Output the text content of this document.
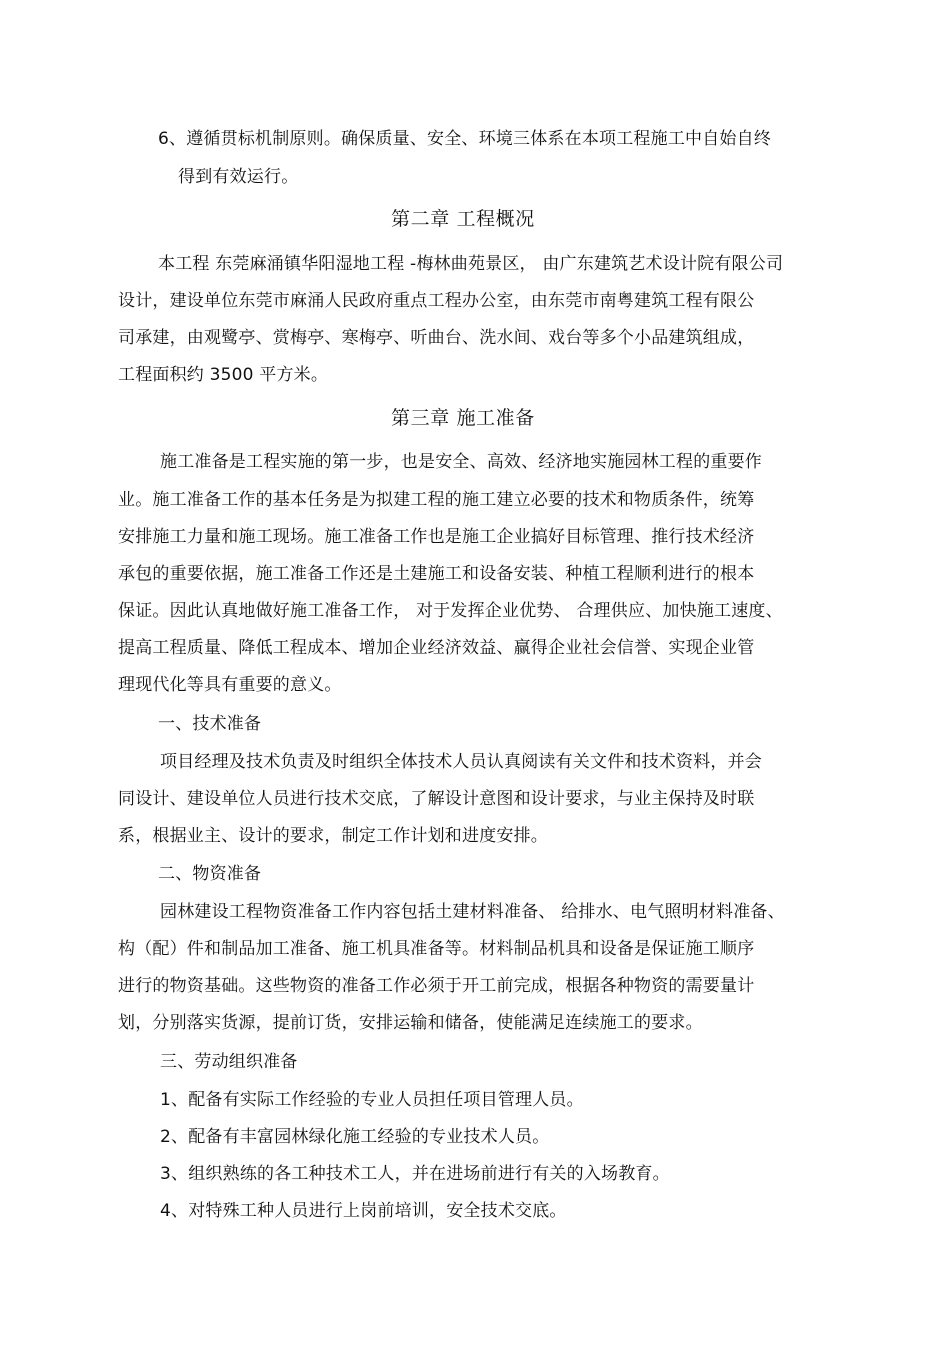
6、遵循贯标机制原则。确保质量、安全、环境三体系在本项工程施工中自始自终

得到有效运行。

第二章 工程概况

本工程 东莞麻涌镇华阳湿地工程 -梅林曲苑景区， 由广东建筑艺术设计院有限公司

设计，建设单位东莞市麻涌人民政府重点工程办公室，由东莞市南粤建筑工程有限公

司承建，由观鹭亭、赏梅亭、寒梅亭、听曲台、洗水间、戏台等多个小品建筑组成，

工程面积约 3500 平方米。

第三章 施工准备

施工准备是工程实施的第一步，也是安全、高效、经济地实施园林工程的重要作

业。施工准备工作的基本任务是为拟建工程的施工建立必要的技术和物质条件，统筹

安排施工力量和施工现场。施工准备工作也是施工企业搞好目标管理、推行技术经济

承包的重要依据，施工准备工作还是土建施工和设备安装、种植工程顺利进行的根本

保证。因此认真地做好施工准备工作， 对于发挥企业优势、 合理供应、加快施工速度、

提高工程质量、降低工程成本、增加企业经济效益、赢得企业社会信誉、实现企业管

理现代化等具有重要的意义。

一、技术准备

项目经理及技术负责及时组织全体技术人员认真阅读有关文件和技术资料，并会

同设计、建设单位人员进行技术交底，了解设计意图和设计要求，与业主保持及时联

系，根据业主、设计的要求，制定工作计划和进度安排。

二、物资准备

园林建设工程物资准备工作内容包括土建材料准备、 给排水、电气照明材料准备、

构（配）件和制品加工准备、施工机具准备等。材料制品机具和设备是保证施工顺序

进行的物资基础。这些物资的准备工作必须于开工前完成，根据各种物资的需要量计

划，分别落实货源，提前订货，安排运输和储备，使能满足连续施工的要求。

三、劳动组织准备

1、配备有实际工作经验的专业人员担任项目管理人员。

2、配备有丰富园林绿化施工经验的专业技术人员。

3、组织熟练的各工种技术工人，并在进场前进行有关的入场教育。

4、对特殊工种人员进行上岗前培训，安全技术交底。
